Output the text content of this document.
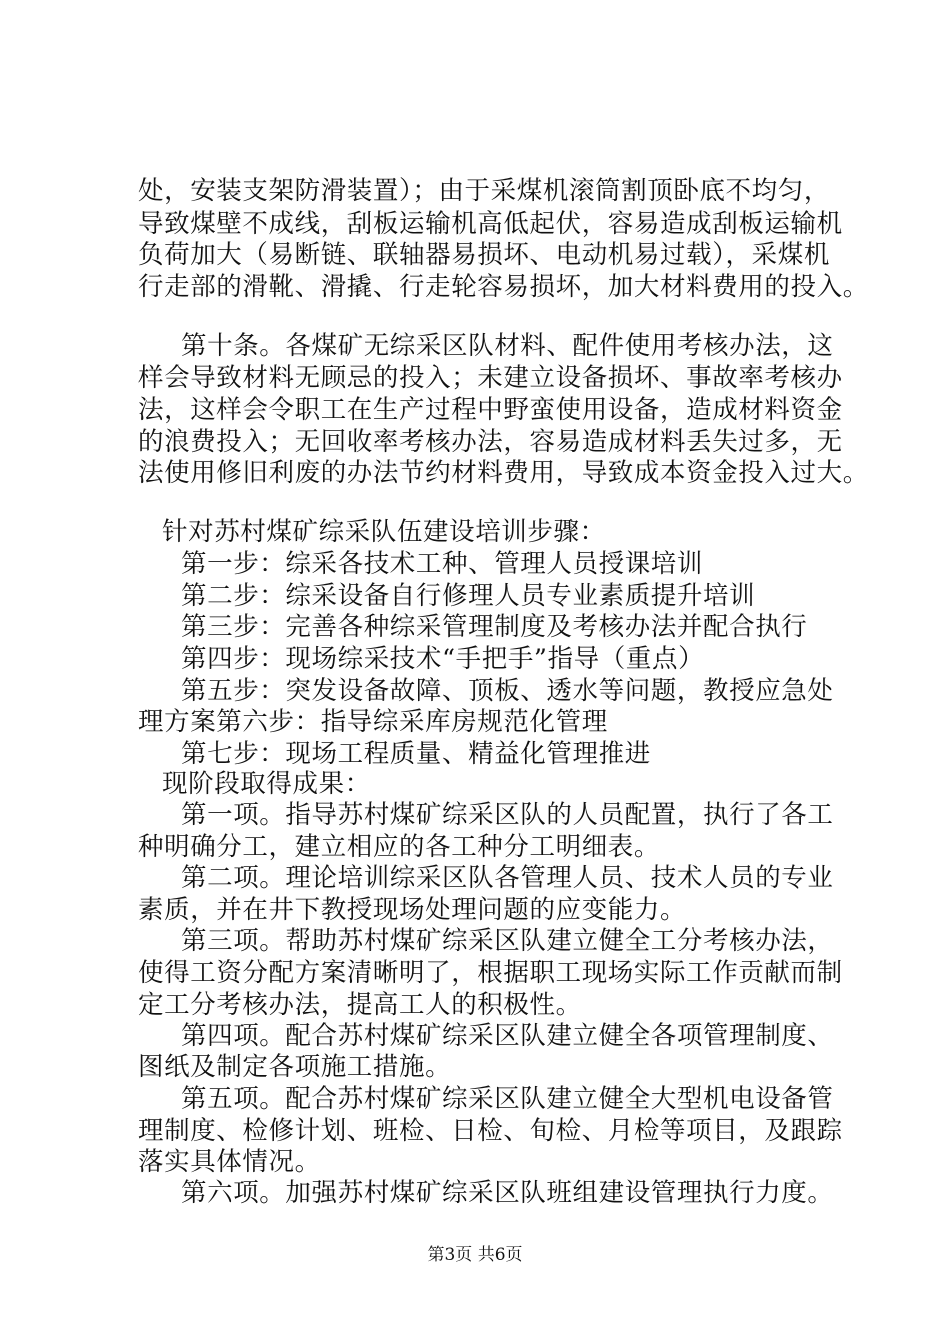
处，安装支架防滑装置）；由于采煤机滚筒割顶卧底不均匀，
导致煤壁不成线，刮板运输机高低起伏，容易造成刮板运输机
负荷加大（易断链、联轴器易损坏、电动机易过载），采煤机
行走部的滑靴、滑撬、行走轮容易损坏，加大材料费用的投入。
第十条。各煤矿无综采区队材料、配件使用考核办法，这
样会导致材料无顾忌的投入；未建立设备损坏、事故率考核办
法，这样会令职工在生产过程中野蛮使用设备，造成材料资金
的浪费投入；无回收率考核办法，容易造成材料丢失过多，无
法使用修旧利废的办法节约材料费用，导致成本资金投入过大。
针对苏村煤矿综采队伍建设培训步骤：
第一步：综采各技术工种、管理人员授课培训
第二步：综采设备自行修理人员专业素质提升培训
第三步：完善各种综采管理制度及考核办法并配合执行
第四步：现场综采技术“手把手”指导（重点）
第五步：突发设备故障、顶板、透水等问题，教授应急处
理方案第六步：指导综采库房规范化管理
第七步：现场工程质量、精益化管理推进
现阶段取得成果：
第一项。指导苏村煤矿综采区队的人员配置，执行了各工
种明确分工，建立相应的各工种分工明细表。
第二项。理论培训综采区队各管理人员、技术人员的专业
素质，并在井下教授现场处理问题的应变能力。
第三项。帮助苏村煤矿综采区队建立健全工分考核办法，
使得工资分配方案清晰明了，根据职工现场实际工作贡献而制
定工分考核办法，提高工人的积极性。
第四项。配合苏村煤矿综采区队建立健全各项管理制度、
图纸及制定各项施工措施。
第五项。配合苏村煤矿综采区队建立健全大型机电设备管
理制度、检修计划、班检、日检、旬检、月检等项目，及跟踪
落实具体情况。
第六项。加强苏村煤矿综采区队班组建设管理执行力度。
第3页 共6页
